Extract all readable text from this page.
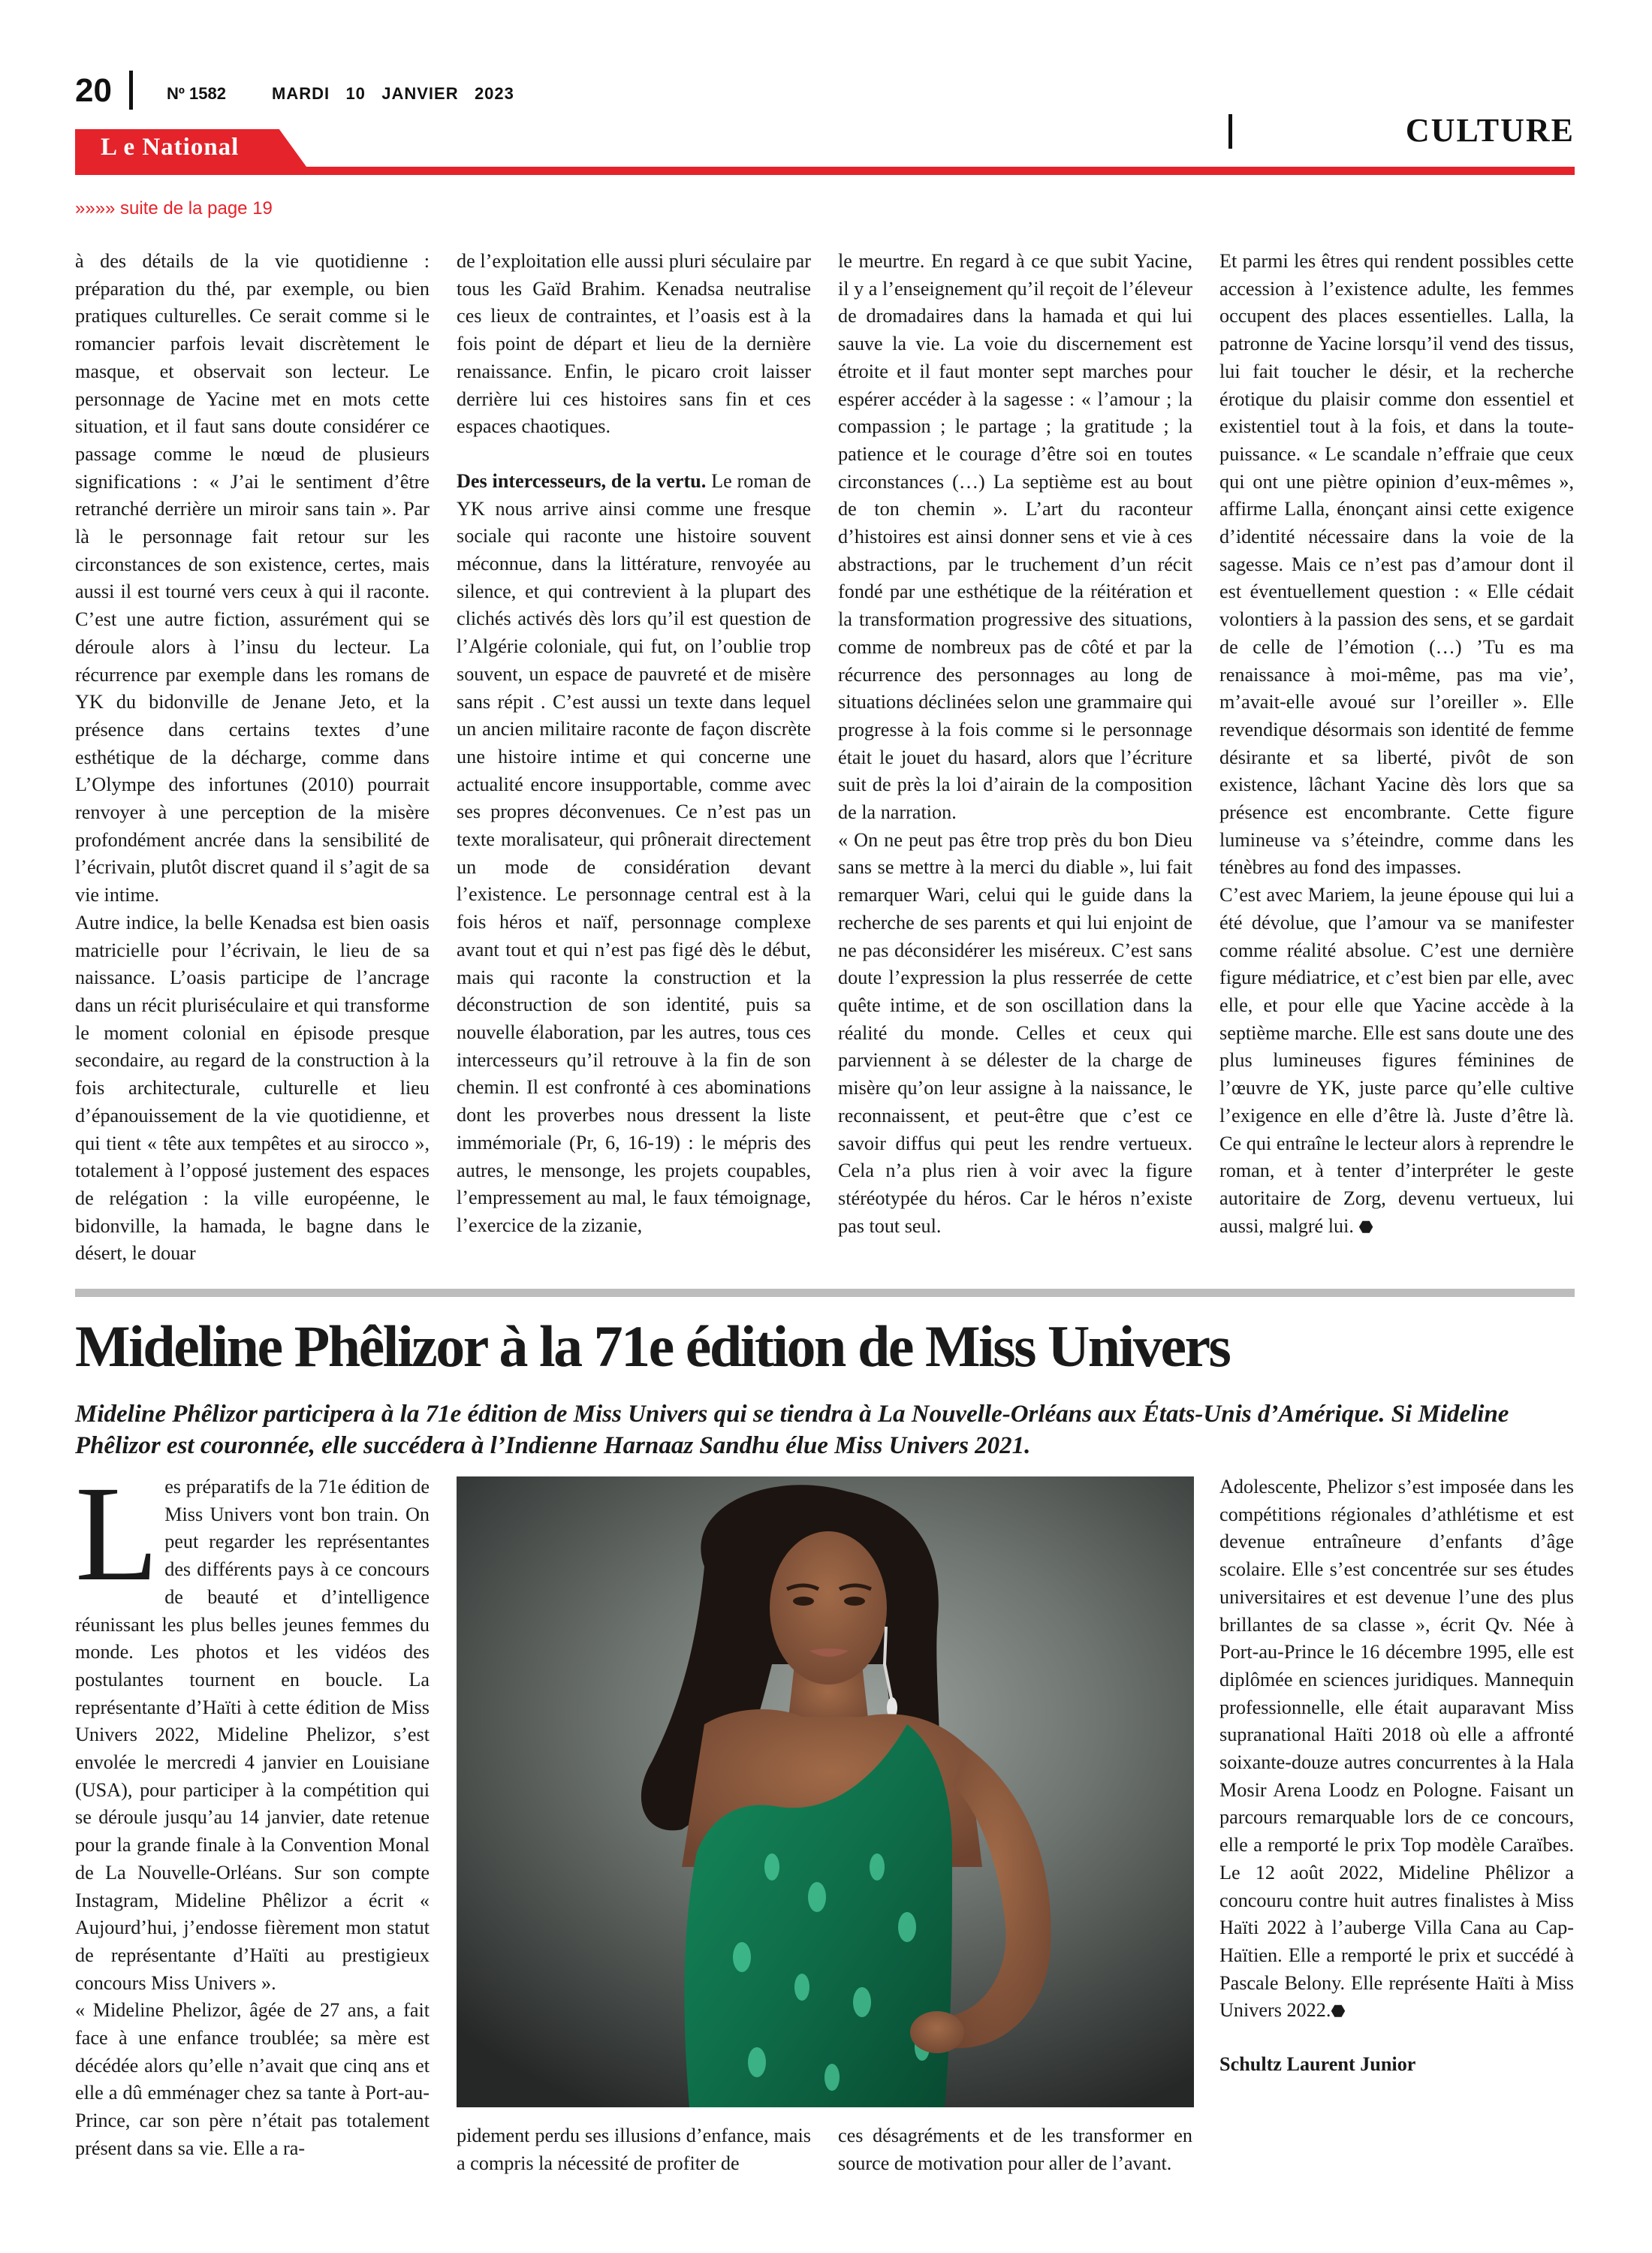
20	Nº 1582	MARDI   10   JANVIER   2023
CULTURE
L e National
»»»» suite de la page 19

à des détails de la vie quotidienne : préparation du thé, par exemple, ou bien pratiques culturelles. Ce serait comme si le romancier parfois levait discrètement le masque, et observait son lecteur. Le personnage de Yacine met en mots cette situation, et il faut sans doute considérer ce passage comme le nœud de plusieurs significations : « J’ai le sentiment d’être retranché derrière un miroir sans tain ». Par là le personnage fait retour sur les circonstances de son existence, certes, mais aussi il est tourné vers ceux à qui il raconte. C’est une autre fiction, assurément qui se déroule alors à l’insu du lecteur. La récurrence par exemple dans les romans de YK du bidonville de Jenane Jeto, et la présence dans certains textes d’une esthétique de la décharge, comme dans L’Olympe des infortunes (2010) pourrait renvoyer à une perception de la misère profondément ancrée dans la sensibilité de l’écrivain, plutôt discret quand il s’agit de sa vie intime.

Autre indice, la belle Kenadsa est bien oasis matricielle pour l’écrivain, le lieu de sa naissance. L’oasis participe de l’ancrage dans un récit pluriséculaire et qui transforme le moment colonial en épisode presque secondaire, au regard de la construction à la fois architecturale, culturelle et lieu d’épanouissement de la vie quotidienne, et qui tient « tête aux tempêtes et au sirocco », totalement à l’opposé justement des espaces de relégation : la ville européenne, le bidonville, la hamada, le bagne dans le désert, le douar

de l’exploitation elle aussi pluri séculaire par tous les Gaïd Brahim. Kenadsa neutralise ces lieux de contraintes, et l’oasis est à la fois point de départ et lieu de la dernière renaissance. Enfin, le picaro croit laisser derrière lui ces histoires sans fin et ces espaces chaotiques.

Des intercesseurs, de la vertu. Le roman de YK nous arrive ainsi comme une fresque sociale qui raconte une histoire souvent méconnue, dans la littérature, renvoyée au silence, et qui contrevient à la plupart des clichés activés dès lors qu’il est question de l’Algérie coloniale, qui fut, on l’oublie trop souvent, un espace de pauvreté et de misère sans répit . C’est aussi un texte dans lequel un ancien militaire raconte de façon discrète une histoire intime et qui concerne une actualité encore insupportable, comme avec ses propres déconvenues. Ce n’est pas un texte moralisateur, qui prônerait directement un mode de considération devant l’existence. Le personnage central est à la fois héros et naïf, personnage complexe avant tout et qui n’est pas figé dès le début, mais qui raconte la construction et la déconstruction de son identité, puis sa nouvelle élaboration, par les autres, tous ces intercesseurs qu’il retrouve à la fin de son chemin. Il est confronté à ces abominations dont les proverbes nous dressent la liste immémoriale (Pr, 6, 16-19) : le mépris des autres, le mensonge, les projets coupables, l’empressement au mal, le faux témoignage, l’exercice de la zizanie,

le meurtre. En regard à ce que subit Yacine, il y a l’enseignement qu’il reçoit de l’éleveur de dromadaires dans la hamada et qui lui sauve la vie. La voie du discernement est étroite et il faut monter sept marches pour espérer accéder à la sagesse : « l’amour ; la compassion ; le partage ; la gratitude ; la patience et le courage d’être soi en toutes circonstances (…) La septième est au bout de ton chemin ». L’art du raconteur d’histoires est ainsi donner sens et vie à ces abstractions, par le truchement d’un récit fondé par une esthétique de la réitération et la transformation progressive des situations, comme de nombreux pas de côté et par la récurrence des personnages au long de situations déclinées selon une grammaire qui progresse à la fois comme si le personnage était le jouet du hasard, alors que l’écriture suit de près la loi d’airain de la composition de la narration.

« On ne peut pas être trop près du bon Dieu sans se mettre à la merci du diable », lui fait remarquer Wari, celui qui le guide dans la recherche de ses parents et qui lui enjoint de ne pas déconsidérer les miséreux. C’est sans doute l’expression la plus resserrée de cette quête intime, et de son oscillation dans la réalité du monde. Celles et ceux qui parviennent à se délester de la charge de misère qu’on leur assigne à la naissance, le reconnaissent, et peut-être que c’est ce savoir diffus qui peut les rendre vertueux. Cela n’a plus rien à voir avec la figure stéréotypée du héros. Car le héros n’existe pas tout seul.

Et parmi les êtres qui rendent possibles cette accession à l’existence adulte, les femmes occupent des places essentielles. Lalla, la patronne de Yacine lorsqu’il vend des tissus, lui fait toucher le désir, et la recherche érotique du plaisir comme don essentiel et existentiel tout à la fois, et dans la toute-puissance. « Le scandale n’effraie que ceux qui ont une piètre opinion d’eux-mêmes », affirme Lalla, énonçant ainsi cette exigence d’identité nécessaire dans la voie de la sagesse. Mais ce n’est pas d’amour dont il est éventuellement question : « Elle cédait volontiers à la passion des sens, et se gardait de celle de l’émotion (…) ’Tu es ma renaissance à moi-même, pas ma vie’, m’avait-elle avoué sur l’oreiller ». Elle revendique désormais son identité de femme désirante et sa liberté, pivôt de son existence, lâchant Yacine dès lors que sa présence est encombrante. Cette figure lumineuse va s’éteindre, comme dans les ténèbres au fond des impasses.

C’est avec Mariem, la jeune épouse qui lui a été dévolue, que l’amour va se manifester comme réalité absolue. C’est une dernière figure médiatrice, et c’est bien par elle, avec elle, et pour elle que Yacine accède à la septième marche. Elle est sans doute une des plus lumineuses figures féminines de l’œuvre de YK, juste parce qu’elle cultive l’exigence en elle d’être là. Juste d’être là. Ce qui entraîne le lecteur alors à reprendre le roman, et à tenter d’interpréter le geste autoritaire de Zorg, devenu vertueux, lui aussi, malgré lui. ⬣

Mideline Phêlizor à la 71e édition de Miss Univers
Mideline Phêlizor participera à la 71e édition de Miss Univers qui se tiendra à La Nouvelle-Orléans aux États-Unis d’Amérique. Si Mideline Phêlizor est couronnée, elle succédera à l’Indienne Harnaaz Sandhu élue Miss Univers 2021.

Les préparatifs de la 71e édition de Miss Univers vont bon train. On peut regarder les représentantes des différents pays à ce concours de beauté et d’intelligence réunissant les plus belles jeunes femmes du monde. Les photos et les vidéos des postulantes tournent en boucle. La représentante d’Haïti à cette édition de Miss Univers 2022, Mideline Phelizor, s’est envolée le mercredi 4 janvier en Louisiane (USA), pour participer à la compétition qui se déroule jusqu’au 14 janvier, date retenue pour la grande finale à la Convention Monal de La Nouvelle-Orléans. Sur son compte Instagram, Mideline Phêlizor a écrit « Aujourd’hui, j’endosse fièrement mon statut de représentante d’Haïti au prestigieux concours Miss Univers ».

« Mideline Phelizor, âgée de 27 ans, a fait face à une enfance troublée; sa mère est décédée alors qu’elle n’avait que cinq ans et elle a dû emménager chez sa tante à Port-au-Prince, car son père n’était pas totalement présent dans sa vie. Elle a ra-

pidement perdu ses illusions d’enfance, mais a compris la nécessité de profiter de

ces désagréments et de les transformer en source de motivation pour aller de l’avant.

Adolescente, Phelizor s’est imposée dans les compétitions régionales d’athlétisme et est devenue entraîneure d’enfants d’âge scolaire. Elle s’est concentrée sur ses études universitaires et est devenue l’une des plus brillantes de sa classe », écrit Qv. Née à Port-au-Prince le 16 décembre 1995, elle est diplômée en sciences juridiques. Mannequin professionnelle, elle était auparavant Miss supranational Haïti 2018 où elle a affronté soixante-douze autres concurrentes à la Hala Mosir Arena Loodz en Pologne. Faisant un parcours remarquable lors de ce concours, elle a remporté le prix Top modèle Caraïbes. Le 12 août 2022, Mideline Phêlizor a concouru contre huit autres finalistes à Miss Haïti 2022 à l’auberge Villa Cana au Cap-Haïtien. Elle a remporté le prix et succédé à Pascale Belony. Elle représente Haïti à Miss Univers 2022.⬣

Schultz Laurent Junior
